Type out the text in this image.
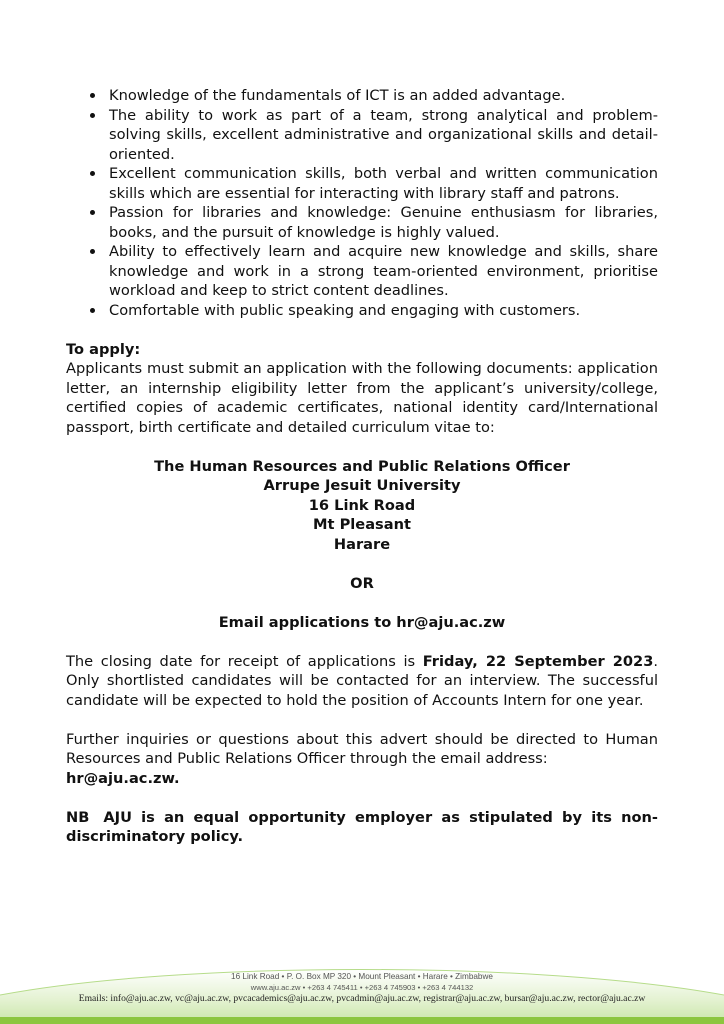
Knowledge of the fundamentals of ICT is an added advantage.
The ability to work as part of a team, strong analytical and problem-solving skills, excellent administrative and organizational skills and detail-oriented.
Excellent communication skills, both verbal and written communication skills which are essential for interacting with library staff and patrons.
Passion for libraries and knowledge: Genuine enthusiasm for libraries, books, and the pursuit of knowledge is highly valued.
Ability to effectively learn and acquire new knowledge and skills, share knowledge and work in a strong team-oriented environment, prioritise workload and keep to strict content deadlines.
Comfortable with public speaking and engaging with customers.
To apply:
Applicants must submit an application with the following documents: application letter, an internship eligibility letter from the applicant’s university/college, certified copies of academic certificates, national identity card/International passport, birth certificate and detailed curriculum vitae to:
The Human Resources and Public Relations Officer
Arrupe Jesuit University
16 Link Road
Mt Pleasant
Harare
OR
Email applications to hr@aju.ac.zw
The closing date for receipt of applications is Friday, 22 September 2023. Only shortlisted candidates will be contacted for an interview. The successful candidate will be expected to hold the position of Accounts Intern for one year.
Further inquiries or questions about this advert should be directed to Human Resources and Public Relations Officer through the email address:
hr@aju.ac.zw.
NB AJU is an equal opportunity employer as stipulated by its non-discriminatory policy.
16 Link Road • P. O. Box MP 320 • Mount Pleasant • Harare • Zimbabwe
www.aju.ac.zw • +263 4 745411 • +263 4 745903 • +263 4 744132
Emails: info@aju.ac.zw, vc@aju.ac.zw, pvcacademics@aju.ac.zw, pvcadmin@aju.ac.zw, registrar@aju.ac.zw, bursar@aju.ac.zw, rector@aju.ac.zw
